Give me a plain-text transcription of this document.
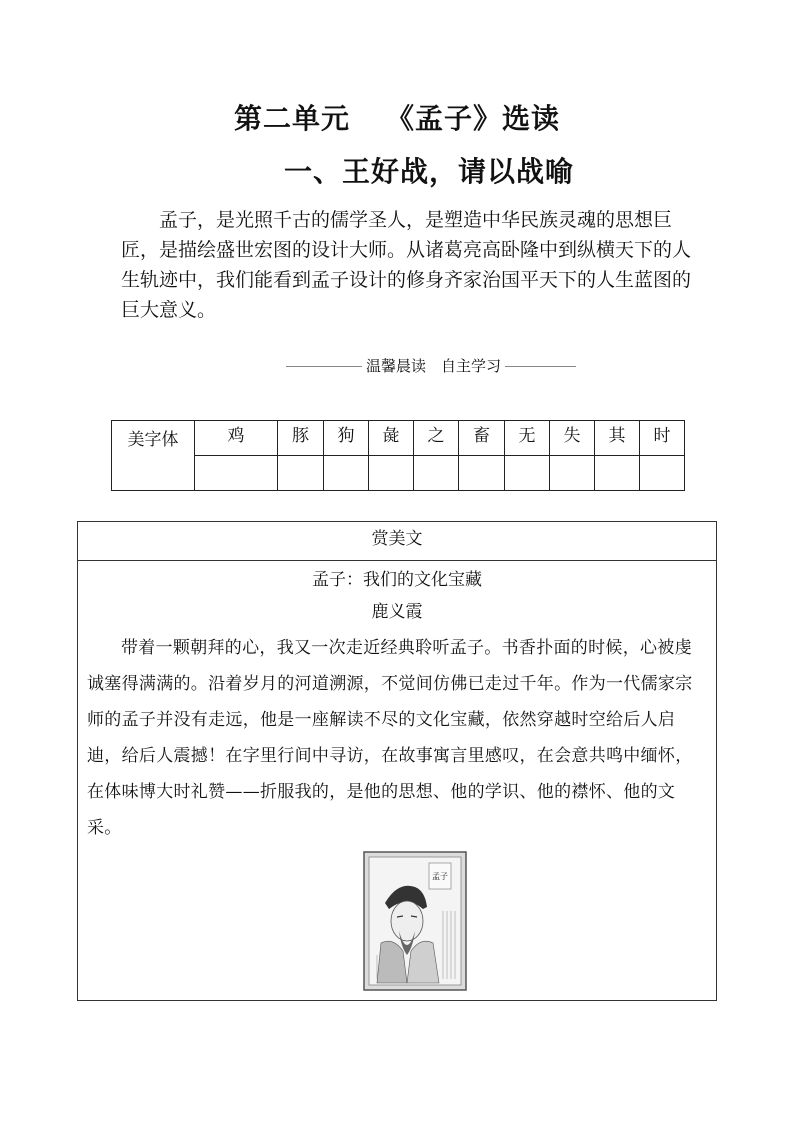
第二单元 《孟子》选读
一、王好战，请以战喻
孟子，是光照千古的儒学圣人，是塑造中华民族灵魂的思想巨匠，是描绘盛世宏图的设计大师。从诸葛亮高卧隆中到纵横天下的人生轨迹中，我们能看到孟子设计的修身齐家治国平天下的人生蓝图的巨大意义。
温馨晨读　自主学习
美字体	鸡	豚	狗	彘	之	畜	无	失	其	时

赏美文
孟子：我们的文化宝藏
鹿义霞
带着一颗朝拜的心，我又一次走近经典聆听孟子。书香扑面的时候，心被虔诚塞得满满的。沿着岁月的河道溯源，不觉间仿佛已走过千年。作为一代儒家宗师的孟子并没有走远，他是一座解读不尽的文化宝藏，依然穿越时空给后人启迪，给后人震撼！在字里行间中寻访，在故事寓言里感叹，在会意共鸣中缅怀，在体味博大时礼赞——折服我的，是他的思想、他的学识、他的襟怀、他的文采。
孟子
